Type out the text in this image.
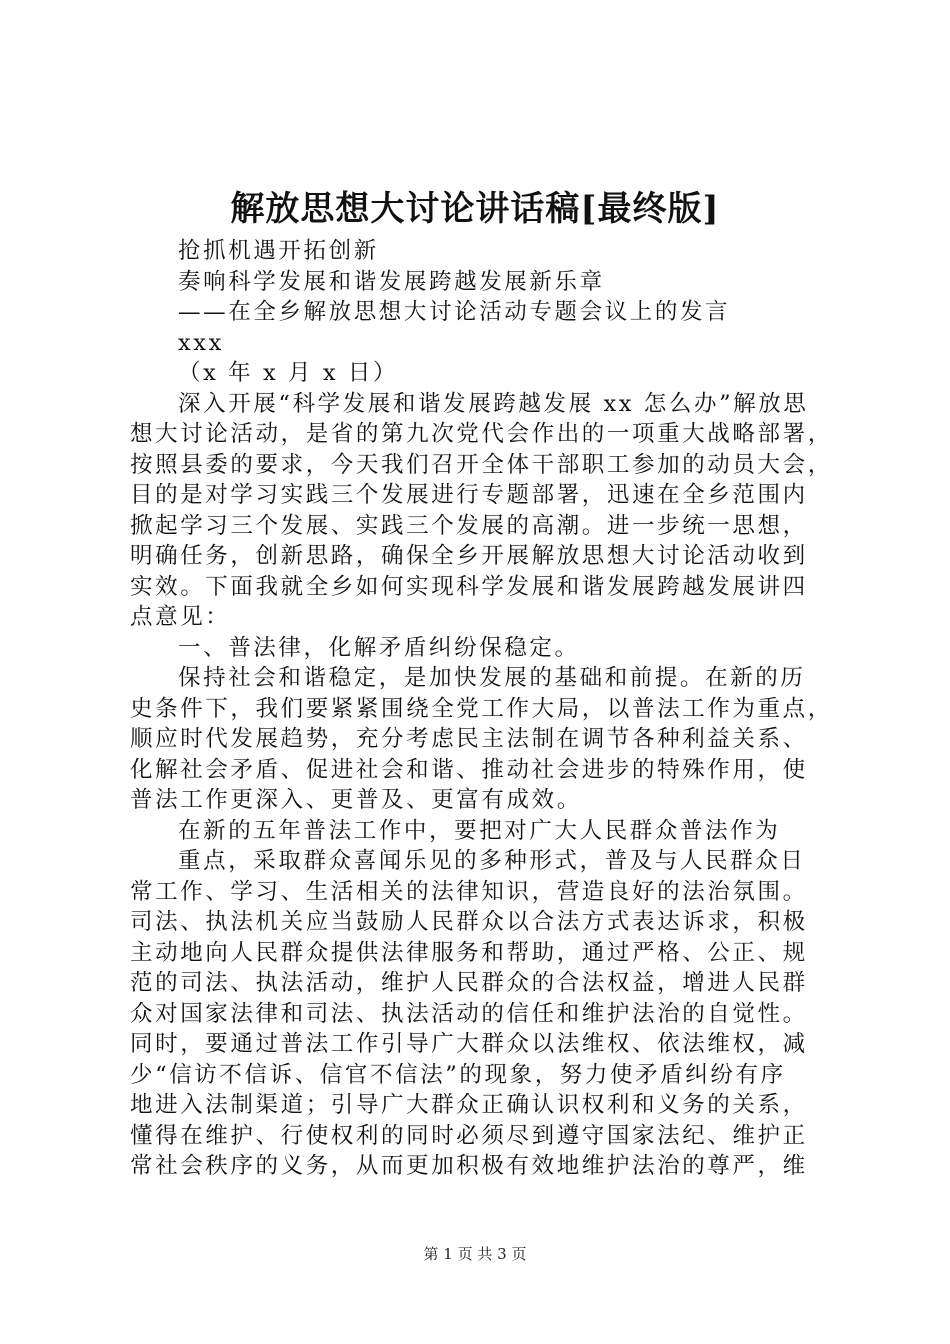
解放思想大讨论讲话稿[最终版]
抢抓机遇开拓创新
奏响科学发展和谐发展跨越发展新乐章
——在全乡解放思想大讨论活动专题会议上的发言
xxx
（x 年 x 月 x 日）
深入开展“科学发展和谐发展跨越发展 xx 怎么办”解放思
想大讨论活动，是省的第九次党代会作出的一项重大战略部署，
按照县委的要求，今天我们召开全体干部职工参加的动员大会，
目的是对学习实践三个发展进行专题部署，迅速在全乡范围内
掀起学习三个发展、实践三个发展的高潮。进一步统一思想，
明确任务，创新思路，确保全乡开展解放思想大讨论活动收到
实效。下面我就全乡如何实现科学发展和谐发展跨越发展讲四
点意见：
一、普法律，化解矛盾纠纷保稳定。
保持社会和谐稳定，是加快发展的基础和前提。在新的历
史条件下，我们要紧紧围绕全党工作大局，以普法工作为重点，
顺应时代发展趋势，充分考虑民主法制在调节各种利益关系、
化解社会矛盾、促进社会和谐、推动社会进步的特殊作用，使
普法工作更深入、更普及、更富有成效。
在新的五年普法工作中，要把对广大人民群众普法作为
重点，采取群众喜闻乐见的多种形式，普及与人民群众日
常工作、学习、生活相关的法律知识，营造良好的法治氛围。
司法、执法机关应当鼓励人民群众以合法方式表达诉求，积极
主动地向人民群众提供法律服务和帮助，通过严格、公正、规
范的司法、执法活动，维护人民群众的合法权益，增进人民群
众对国家法律和司法、执法活动的信任和维护法治的自觉性。
同时，要通过普法工作引导广大群众以法维权、依法维权，减
少“信访不信诉、信官不信法”的现象，努力使矛盾纠纷有序
地进入法制渠道；引导广大群众正确认识权利和义务的关系，
懂得在维护、行使权利的同时必须尽到遵守国家法纪、维护正
常社会秩序的义务，从而更加积极有效地维护法治的尊严，维
第 1 页 共 3 页
